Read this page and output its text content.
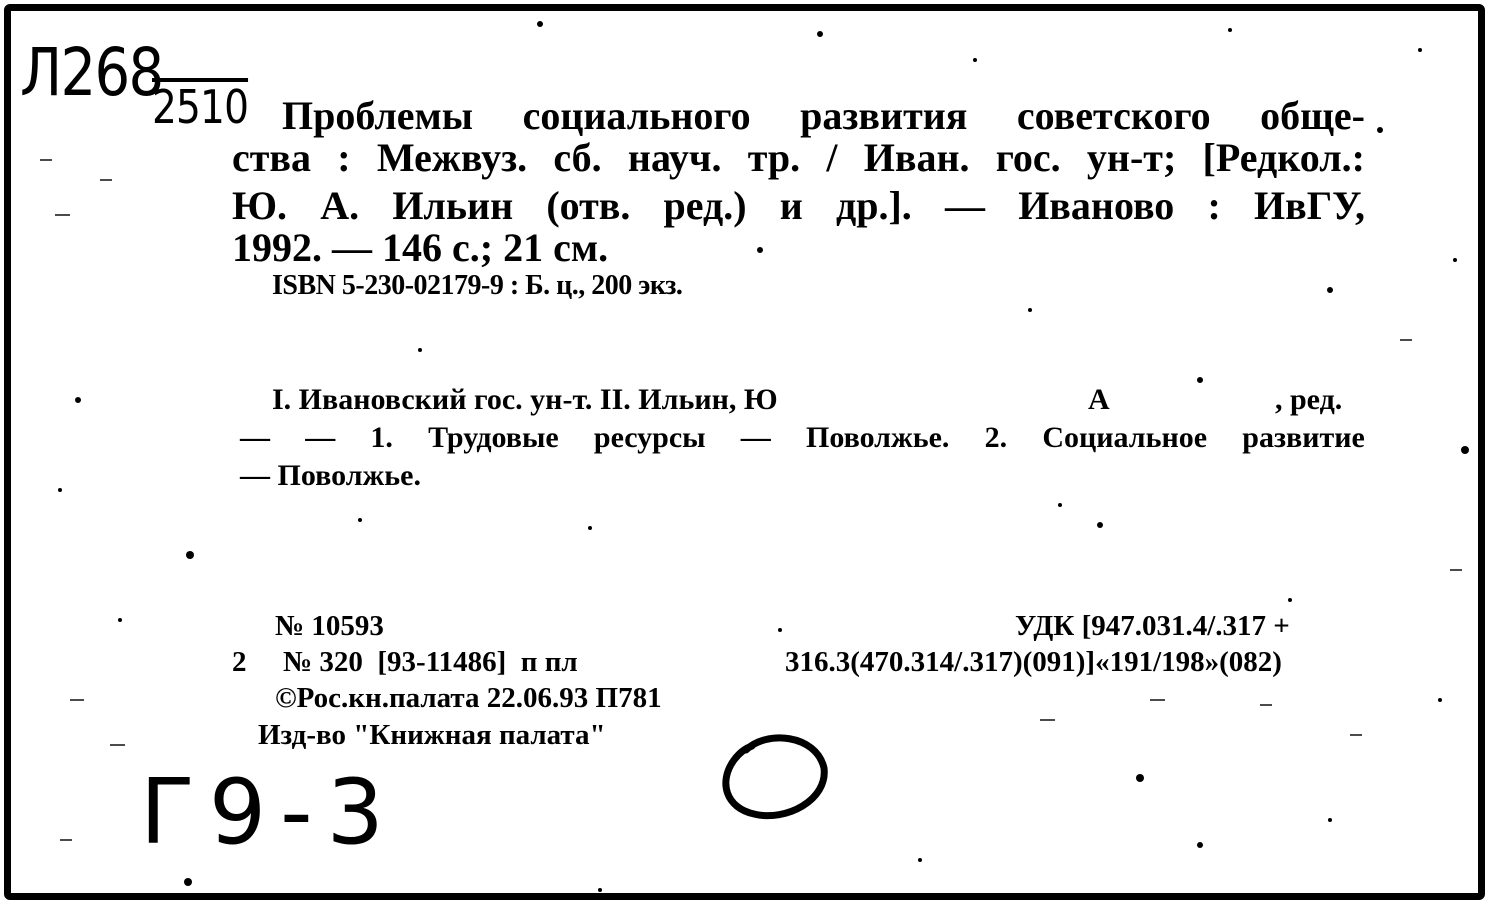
Л268
2510 Проблемы социального развития советского обще-
ства : Межвуз. сб. науч. тр. / Иван. гос. ун-т; [Редкол.:
Ю. А. Ильин (отв. ред.) и др.]. — Иваново : ИвГУ,
1992. — 146 с.; 21 см.
ISBN 5-230-02179-9 : Б. ц., 200 экз.
I. Ивановский гос. ун-т. II. Ильин, Ю	А	, ред.
— — 1. Трудовые ресурсы — Поволжье. 2. Социальное развитие
— Поволжье.
№ 10593
2 № 320  [93-11486]  п пл
©Рос.кн.палата 22.06.93 П781
Изд-во "Книжная палата"
УДК [947.031.4/.317 +
316.3(470.314/.317)(091)]«191/198»(082)
Г9-3
